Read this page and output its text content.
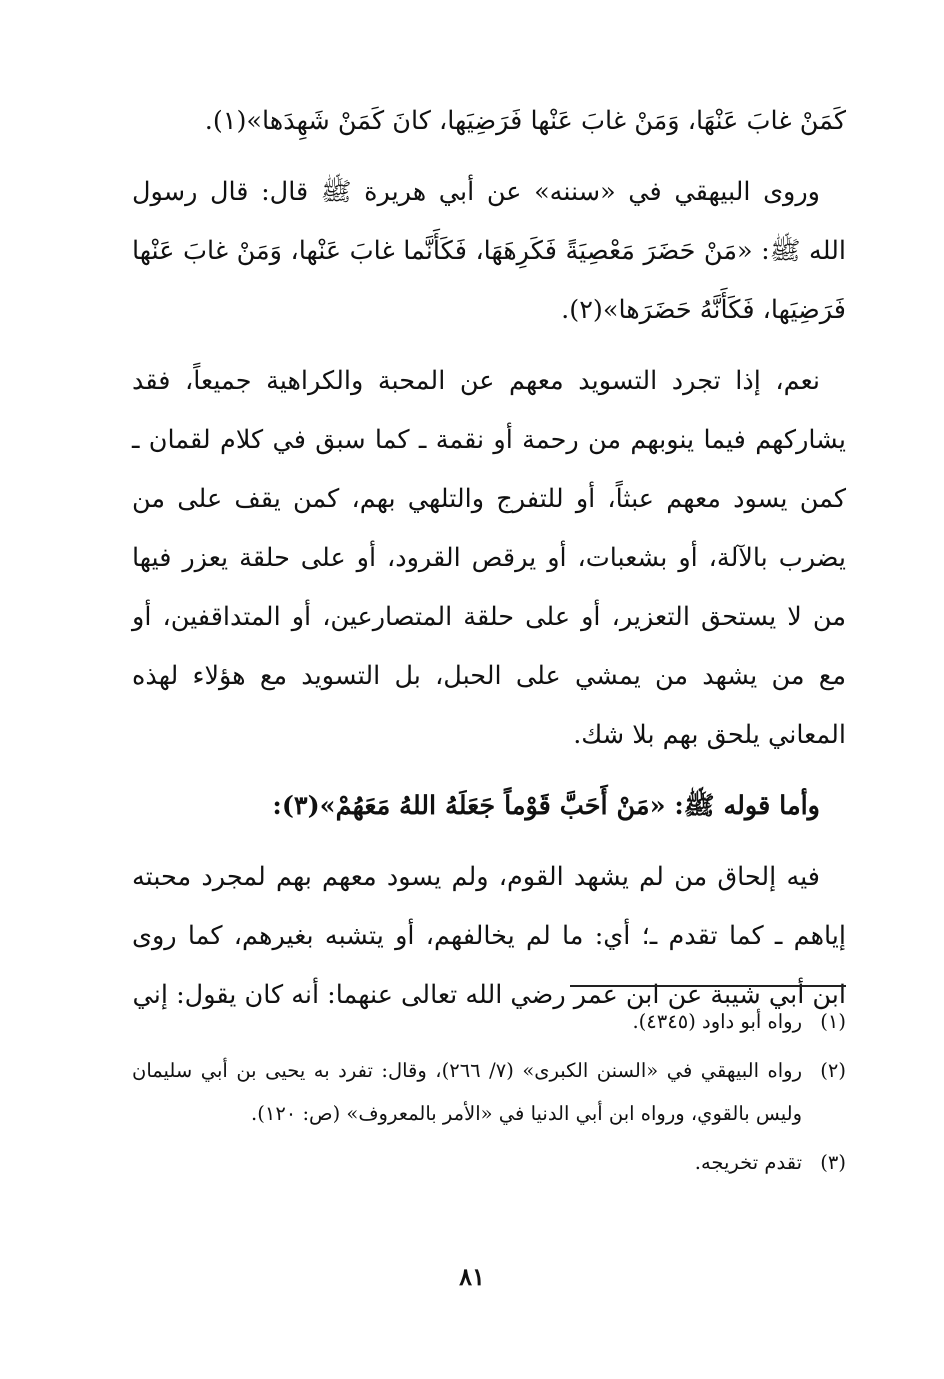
كَمَنْ غابَ عَنْهَا، وَمَنْ غابَ عَنْها فَرَضِيَها، كانَ كَمَنْ شَهِدَها»(١).

وروى البيهقي في «سننه» عن أبي هريرة ﷺ قال: قال رسول الله ﷺ: «مَنْ حَضَرَ مَعْصِيَةً فَكَرِهَهَا، فَكَأَنَّما غابَ عَنْها، وَمَنْ غابَ عَنْها فَرَضِيَها، فَكَأَنَّهُ حَضَرَها»(٢).

نعم، إذا تجرد التسويد معهم عن المحبة والكراهية جميعاً، فقد يشاركهم فيما ينوبهم من رحمة أو نقمة ـ كما سبق في كلام لقمان ـ كمن يسود معهم عبثاً، أو للتفرج والتلهي بهم، كمن يقف على من يضرب بالآلة، أو بشعبات، أو يرقص القرود، أو على حلقة يعزر فيها من لا يستحق التعزير، أو على حلقة المتصارعين، أو المتداقفين، أو مع من يشهد من يمشي على الحبل، بل التسويد مع هؤلاء لهذه المعاني يلحق بهم بلا شك.

وأما قوله ﷺ: «مَنْ أَحَبَّ قَوْماً جَعَلَهُ اللهُ مَعَهُمْ»(٣):

فيه إلحاق من لم يشهد القوم، ولم يسود معهم بهم لمجرد محبته إياهم ـ كما تقدم ـ؛ أي: ما لم يخالفهم، أو يتشبه بغيرهم، كما روى ابن أبي شيبة عن ابن عمر رضي الله تعالى عنهما: أنه كان يقول: إني

(١)
رواه أبو داود (٤٣٤٥).
(٢)
رواه البيهقي في «السنن الكبرى» (٧/ ٢٦٦)، وقال: تفرد به يحيى بن أبي سليمان وليس بالقوي، ورواه ابن أبي الدنيا في «الأمر بالمعروف» (ص: ١٢٠).
(٣)
تقدم تخريجه.
٨١
